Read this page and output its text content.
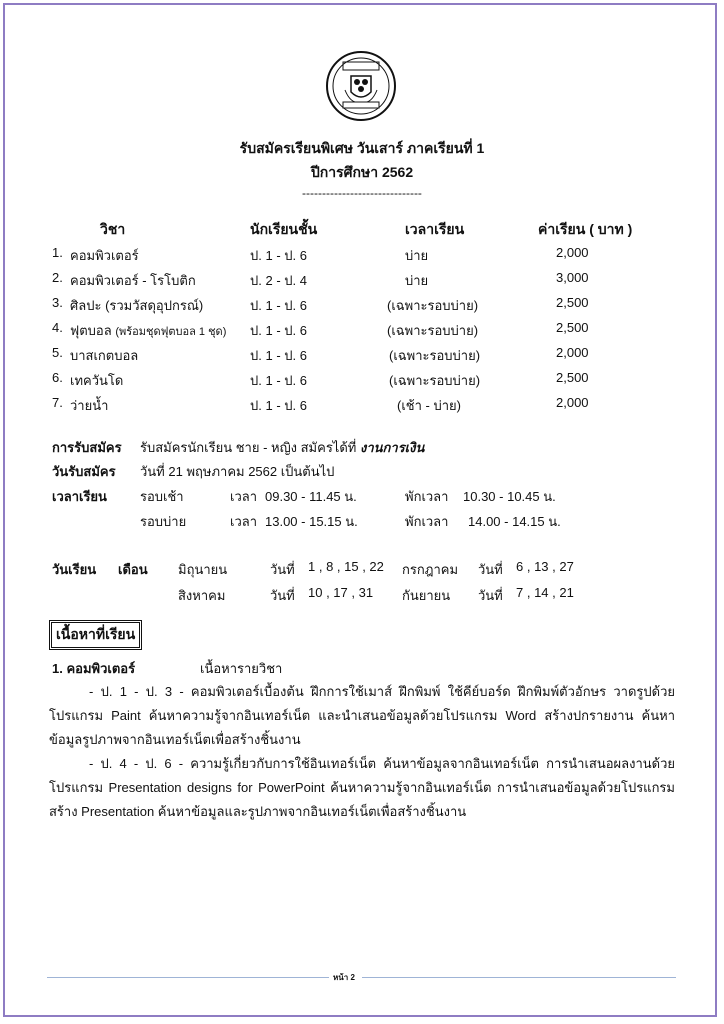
รับสมัครเรียนพิเศษ วันเสาร์ ภาคเรียนที่ 1
ปีการศึกษา 2562
------------------------------
วิชา	นักเรียนชั้น	เวลาเรียน	ค่าเรียน ( บาท )
1. คอมพิวเตอร์	ป. 1 - ป. 6	บ่าย	2,000
2. คอมพิวเตอร์ - โรโบติก	ป. 2 - ป. 4	บ่าย	3,000
3. ศิลปะ (รวมวัสดุอุปกรณ์)	ป. 1 - ป. 6	(เฉพาะรอบบ่าย)	2,500
4. ฟุตบอล (พร้อมชุดฟุตบอล 1 ชุด) ป. 1 - ป. 6	(เฉพาะรอบบ่าย)	2,500
5. บาสเกตบอล	ป. 1 - ป. 6	(เฉพาะรอบบ่าย)	2,000
6. เทควันโด	ป. 1 - ป. 6	(เฉพาะรอบบ่าย)	2,500
7. ว่ายน้ำ	ป. 1 - ป. 6	(เช้า - บ่าย)	2,000
การรับสมัคร รับสมัครนักเรียน ชาย - หญิง สมัครได้ที่ งานการเงิน
วันรับสมัคร วันที่ 21 พฤษภาคม 2562 เป็นต้นไป
เวลาเรียน	รอบเช้า	เวลา 09.30 - 11.45 น.	พักเวลา 10.30 - 10.45 น.
รอบบ่าย	เวลา 13.00 - 15.15 น.	พักเวลา 14.00 - 14.15 น.
วันเรียน เดือน มิถุนายน	วันที่ 1 , 8 , 15 , 22 กรกฎาคม วันที่ 6 , 13 , 27
สิงหาคม	วันที่ 10 , 17 , 31 กันยายน วันที่ 7 , 14 , 21
เนื้อหาที่เรียน
1. คอมพิวเตอร์	เนื้อหารายวิชา
- ป. 1 - ป. 3 - คอมพิวเตอร์เบื้องต้น ฝึกการใช้เมาส์ ฝึกพิมพ์ ใช้คีย์บอร์ด ฝึกพิมพ์ตัวอักษร วาดรูปด้วยโปรแกรม Paint ค้นหาความรู้จากอินเทอร์เน็ต และนำเสนอข้อมูลด้วยโปรแกรม Word สร้างปกรายงาน ค้นหาข้อมูลรูปภาพจากอินเทอร์เน็ตเพื่อสร้างชิ้นงาน
- ป. 4 - ป. 6 - ความรู้เกี่ยวกับการใช้อินเทอร์เน็ต ค้นหาข้อมูลจากอินเทอร์เน็ต การนำเสนอผลงานด้วยโปรแกรม Presentation designs for PowerPoint ค้นหาความรู้จากอินเทอร์เน็ต การนำเสนอข้อมูลด้วยโปรแกรมสร้าง Presentation ค้นหาข้อมูลและรูปภาพจากอินเทอร์เน็ตเพื่อสร้างชิ้นงาน
หน้า 2
